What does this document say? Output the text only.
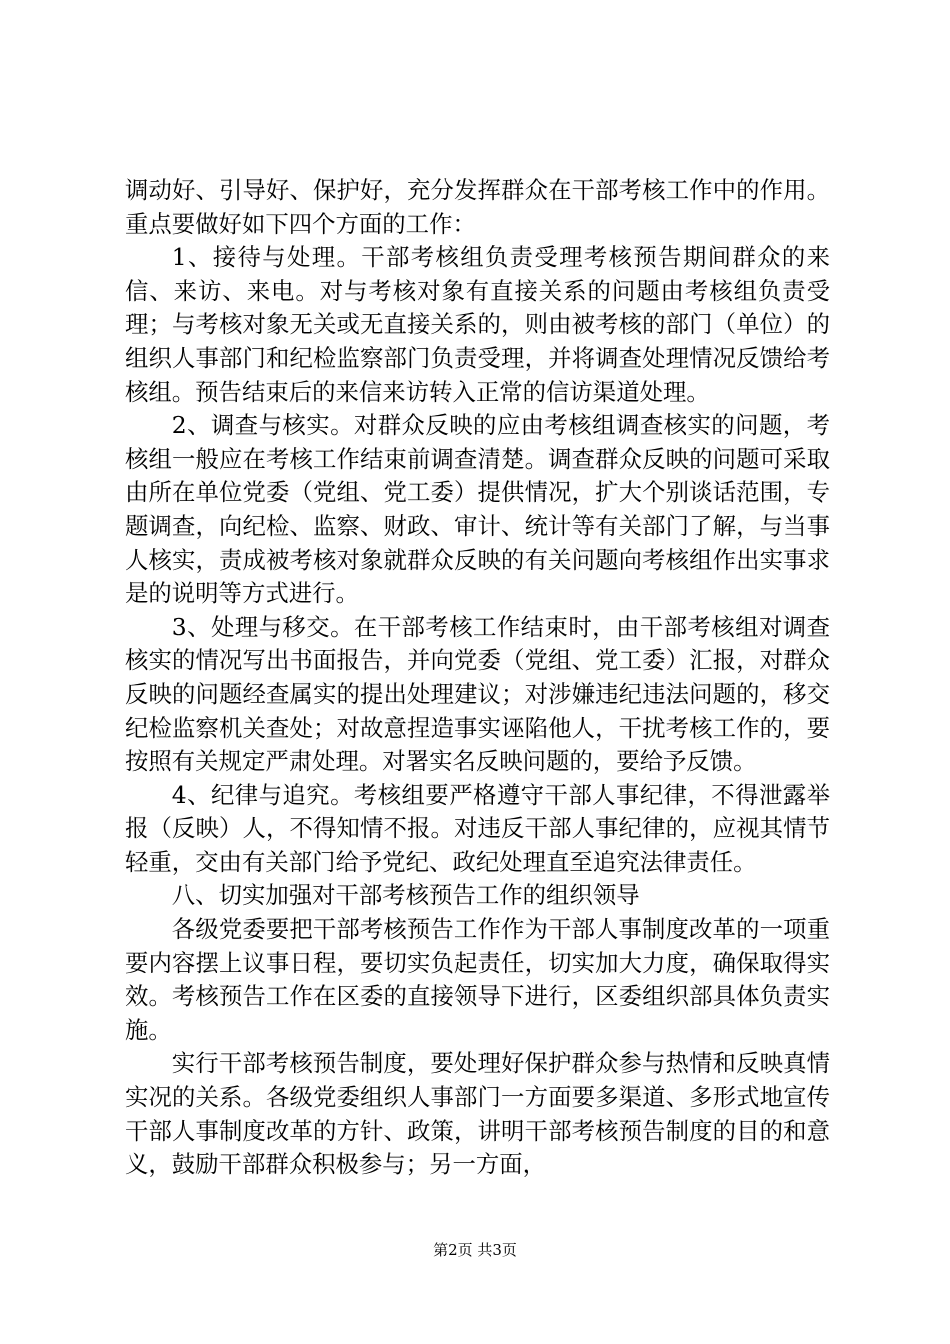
调动好、引导好、保护好，充分发挥群众在干部考核工作中的作用。重点要做好如下四个方面的工作：

1、接待与处理。干部考核组负责受理考核预告期间群众的来信、来访、来电。对与考核对象有直接关系的问题由考核组负责受理；与考核对象无关或无直接关系的，则由被考核的部门（单位）的组织人事部门和纪检监察部门负责受理，并将调查处理情况反馈给考核组。预告结束后的来信来访转入正常的信访渠道处理。

2、调查与核实。对群众反映的应由考核组调查核实的问题，考核组一般应在考核工作结束前调查清楚。调查群众反映的问题可采取由所在单位党委（党组、党工委）提供情况，扩大个别谈话范围，专题调查，向纪检、监察、财政、审计、统计等有关部门了解，与当事人核实，责成被考核对象就群众反映的有关问题向考核组作出实事求是的说明等方式进行。

3、处理与移交。在干部考核工作结束时，由干部考核组对调查核实的情况写出书面报告，并向党委（党组、党工委）汇报，对群众反映的问题经查属实的提出处理建议；对涉嫌违纪违法问题的，移交纪检监察机关查处；对故意捏造事实诬陷他人，干扰考核工作的，要按照有关规定严肃处理。对署实名反映问题的，要给予反馈。

4、纪律与追究。考核组要严格遵守干部人事纪律，不得泄露举报（反映）人，不得知情不报。对违反干部人事纪律的，应视其情节轻重，交由有关部门给予党纪、政纪处理直至追究法律责任。

八、切实加强对干部考核预告工作的组织领导

各级党委要把干部考核预告工作作为干部人事制度改革的一项重要内容摆上议事日程，要切实负起责任，切实加大力度，确保取得实效。考核预告工作在区委的直接领导下进行，区委组织部具体负责实施。

实行干部考核预告制度，要处理好保护群众参与热情和反映真情实况的关系。各级党委组织人事部门一方面要多渠道、多形式地宣传干部人事制度改革的方针、政策，讲明干部考核预告制度的目的和意义，鼓励干部群众积极参与；另一方面，

第2页 共3页
